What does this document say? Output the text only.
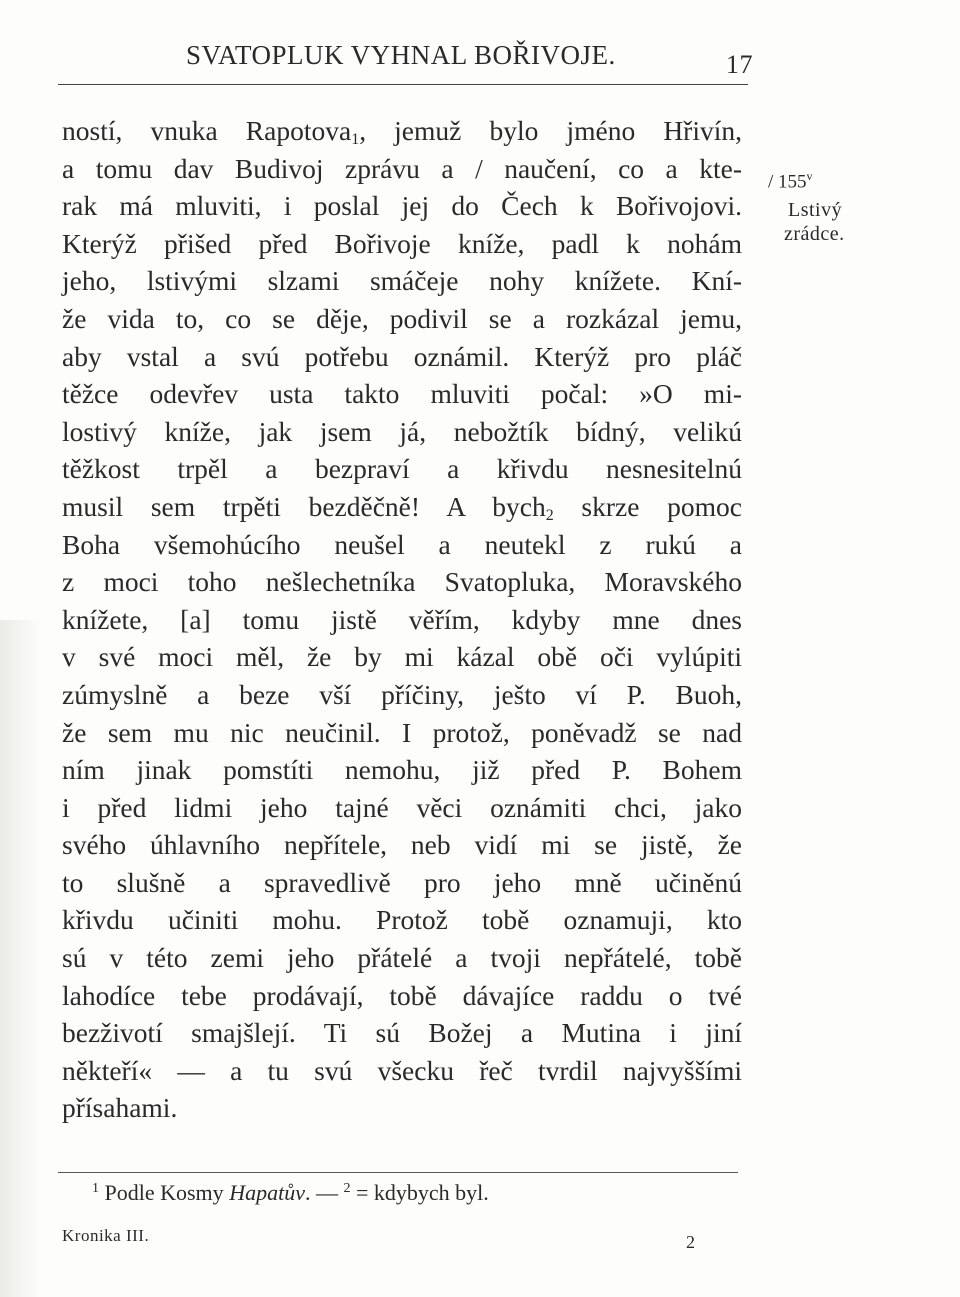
SVATOPLUK VYHNAL BOŘIVOJE.	17
ností, vnuka Rapotova$_1$, jemuž bylo jméno Hřivín,
a tomu dav Budivoj zprávu a / naučení, co a kte-
rak má mluviti, i poslal jej do Čech k Bořivojovi.
Kterýž přišed před Bořivoje kníže, padl k nohám
jeho, lstivými slzami smáčeje nohy knížete. Kní-
že vida to, co se děje, podivil se a rozkázal jemu,
aby vstal a svú potřebu oznámil. Kterýž pro pláč
těžce odevřev usta takto mluviti počal: »O mi-
lostivý kníže, jak jsem já, nebožtík bídný, velikú
těžkost trpěl a bezpraví a křivdu nesnesitelnú
musil sem trpěti bezděčně! A bych$_2$ skrze pomoc
Boha všemohúcího neušel a neutekl z rukú a
z moci toho nešlechetníka Svatopluka, Moravského
knížete, [a] tomu jistě věřím, kdyby mne dnes
v své moci měl, že by mi kázal obě oči vylúpiti
zúmyslně a beze vší příčiny, ješto ví P. Buoh,
že sem mu nic neučinil. I protož, poněvadž se nad
ním jinak pomstíti nemohu, již před P. Bohem
i před lidmi jeho tajné věci oznámiti chci, jako
svého úhlavního nepřítele, neb vidí mi se jistě, že
to slušně a spravedlivě pro jeho mně učiněnú
křivdu učiniti mohu. Protož tobě oznamuji, kto
sú v této zemi jeho přátelé a tvoji nepřátelé, tobě
lahodíce tebe prodávají, tobě dávajíce raddu o tvé
bezživotí smajšlejí. Ti sú Božej a Mutina i jiní
někteří« — a tu svú všecku řeč tvrdil najvyššími
přísahami.
/ 155$^v$
Lstivý
zrádce.
$^1$ Podle Kosmy Hapatův. — $^2$ = kdybych byl.
Kronika III.	2
